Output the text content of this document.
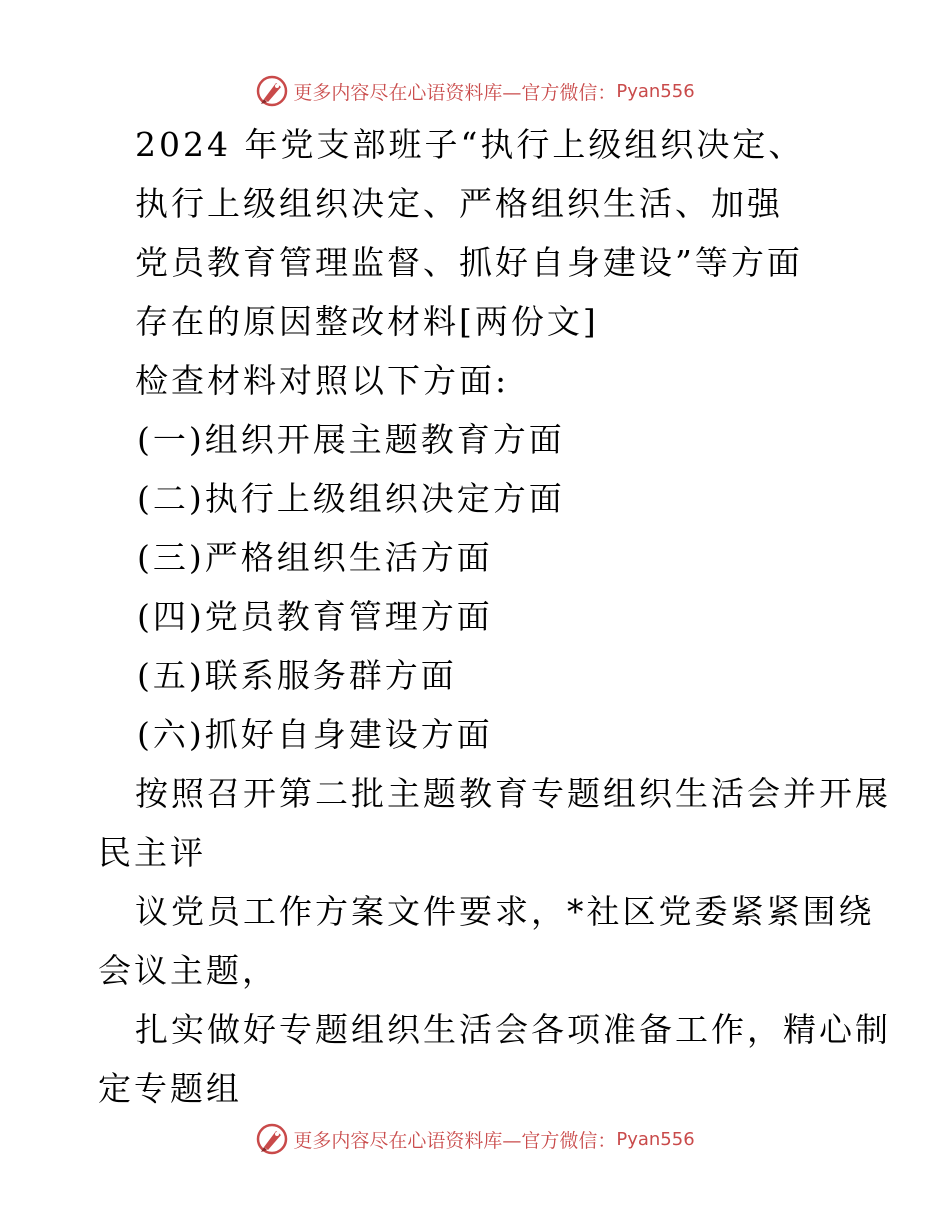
更多内容尽在心语资料库—官方微信： Pyan556
2024 年党支部班子“执行上级组织决定、
执行上级组织决定、严格组织生活、加强
党员教育管理监督、抓好自身建设”等方面
存在的原因整改材料[两份文]
检查材料对照以下方面:
(一)组织开展主题教育方面
(二)执行上级组织决定方面
(三)严格组织生活方面
(四)党员教育管理方面
(五)联系服务群方面
(六)抓好自身建设方面
按照召开第二批主题教育专题组织生活会并开展
民主评
议党员工作方案文件要求，*社区党委紧紧围绕
会议主题，
扎实做好专题组织生活会各项准备工作，精心制
定专题组
更多内容尽在心语资料库—官方微信： Pyan556
